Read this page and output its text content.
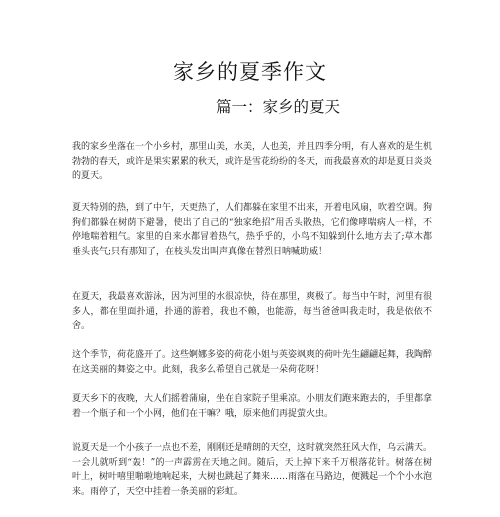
家乡的夏季作文
篇一：家乡的夏天

我的家乡坐落在一个小乡村，那里山美，水美，人也美，并且四季分明，有人喜欢的是生机勃勃的春天，或许是果实累累的秋天，或许是雪花纷纷的冬天，而我最喜欢的却是夏日炎炎的夏天。

夏天特别的热，到了中午，天更热了，人们都躲在家里不出来，开着电风扇，吹着空调。狗狗们都躲在树荫下避暑，使出了自己的“独家绝招”用舌头散热，它们像哮喘病人一样，不停地喘着粗气。家里的自来水都冒着热气，热乎乎的，小鸟不知躲到什么地方去了;草木都垂头丧气;只有那知了，在枝头发出叫声真像在替烈日呐喊助威！

在夏天，我最喜欢游泳，因为河里的水很凉快，待在那里，爽极了。每当中午时，河里有很多人，都在里面扑通，扑通的游着，我也不赖，也能游，每当爸爸叫我走时，我是依依不舍。

这个季节，荷花盛开了。这些婀娜多姿的荷花小姐与英姿飒爽的荷叶先生翩翩起舞，我陶醉在这美丽的舞姿之中。此刻，我多么希望自己就是一朵荷花呀！

夏天乡下的夜晚，大人们摇着蒲扇，坐在自家院子里乘凉。小朋友们跑来跑去的，手里都拿着一个瓶子和一个小网，他们在干嘛？哦，原来他们再捉萤火虫。

说夏天是一个小孩子一点也不差，刚刚还是晴朗的天空，这时就突然狂风大作，乌云满天。一会儿就听到“轰！”的一声霹雳在天地之间。随后，天上掉下来千万根落花针。树落在树叶上，树叶嘻里啪啦地响起来，大树也跳起了舞来……雨落在马路边，便溅起一个个小水泡来。雨停了，天空中挂着一条美丽的彩虹。
